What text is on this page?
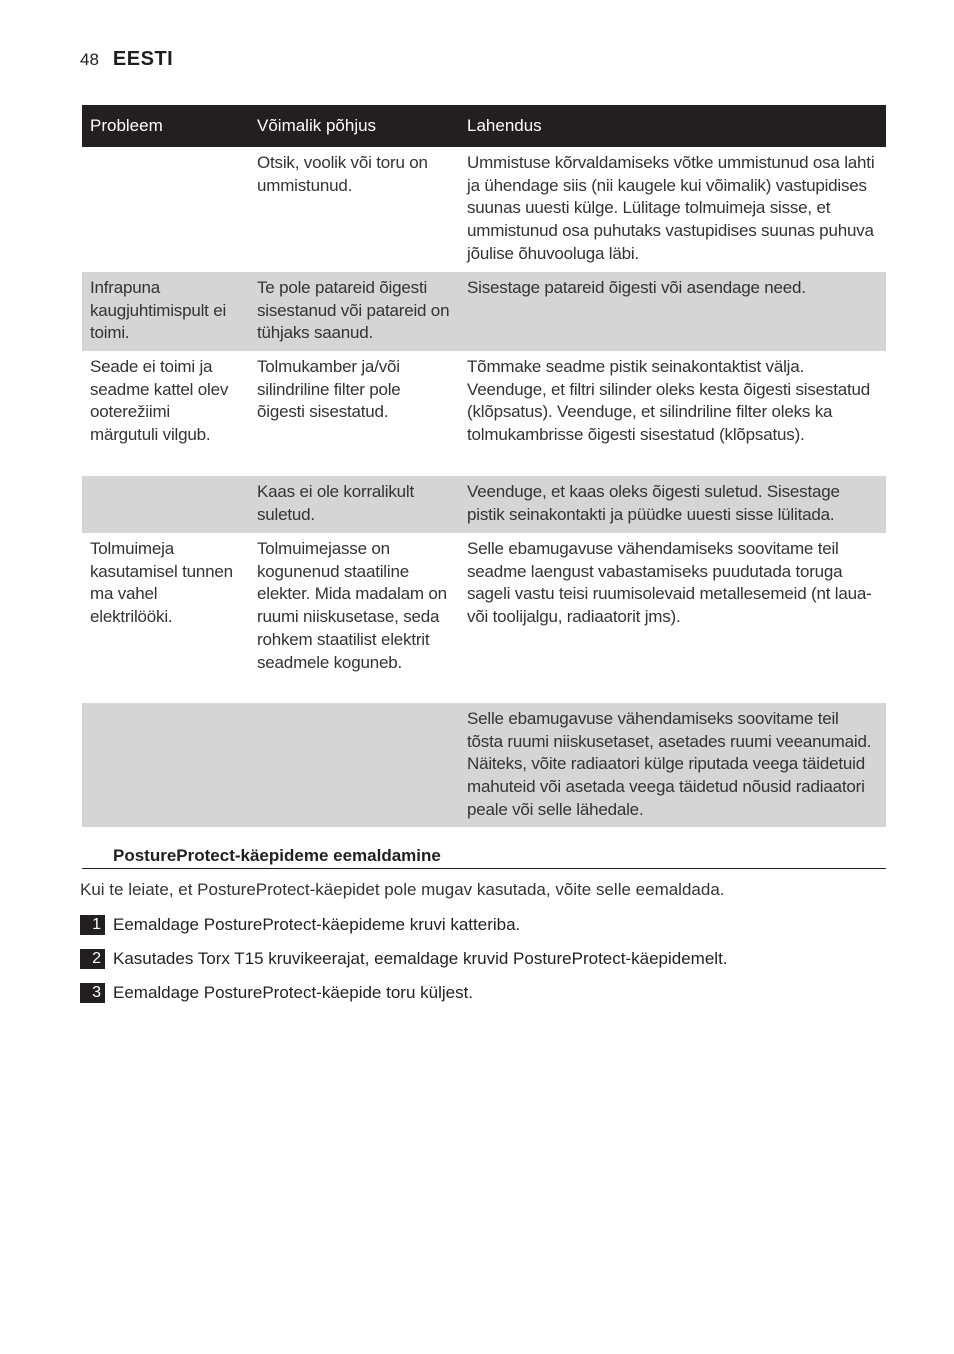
48 EESTI
Probleem	Võimalik põhjus	Lahendus
	Otsik, voolik või toru on ummistunud.	Ummistuse kõrvaldamiseks võtke ummistunud osa lahti ja ühendage siis (nii kaugele kui võimalik) vastupidises suunas uuesti külge. Lülitage tolmuimeja sisse, et ummistunud osa puhutaks vastupidises suunas puhuva jõulise õhuvooluga läbi.
Infrapuna kaugjuhtimispult ei toimi.	Te pole patareid õigesti sisestanud või patareid on tühjaks saanud.	Sisestage patareid õigesti või asendage need.
Seade ei toimi ja seadme kattel olev ooterežiimi märgutuli vilgub.	Tolmukamber ja/või silindriline filter pole õigesti sisestatud.	Tõmmake seadme pistik seinakontaktist välja. Veenduge, et filtri silinder oleks kesta õigesti sisestatud (klõpsatus). Veenduge, et silindriline filter oleks ka tolmukambrisse õigesti sisestatud (klõpsatus).
	Kaas ei ole korralikult suletud.	Veenduge, et kaas oleks õigesti suletud. Sisestage pistik seinakontakti ja püüdke uuesti sisse lülitada.
Tolmuimeja kasutamisel tunnen ma vahel elektrilööki.	Tolmuimejasse on kogunenud staatiline elekter. Mida madalam on ruumi niiskusetase, seda rohkem staatilist elektrit seadmele koguneb.	Selle ebamugavuse vähendamiseks soovitame teil seadme laengust vabastamiseks puudutada toruga sageli vastu teisi ruumisolevaid metallesemeid (nt laua- või toolijalgu, radiaatorit jms).
		Selle ebamugavuse vähendamiseks soovitame teil tõsta ruumi niiskusetaset, asetades ruumi veeanumaid. Näiteks, võite radiaatori külge riputada veega täidetuid mahuteid või asetada veega täidetud nõusid radiaatori peale või selle lähedale.
PostureProtect-käepideme eemaldamine
Kui te leiate, et PostureProtect-käepidet pole mugav kasutada, võite selle eemaldada.
1 Eemaldage PostureProtect-käepideme kruvi katteriba.
2 Kasutades Torx T15 kruvikeerajat, eemaldage kruvid PostureProtect-käepidemelt.
3 Eemaldage PostureProtect-käepide toru küljest.
